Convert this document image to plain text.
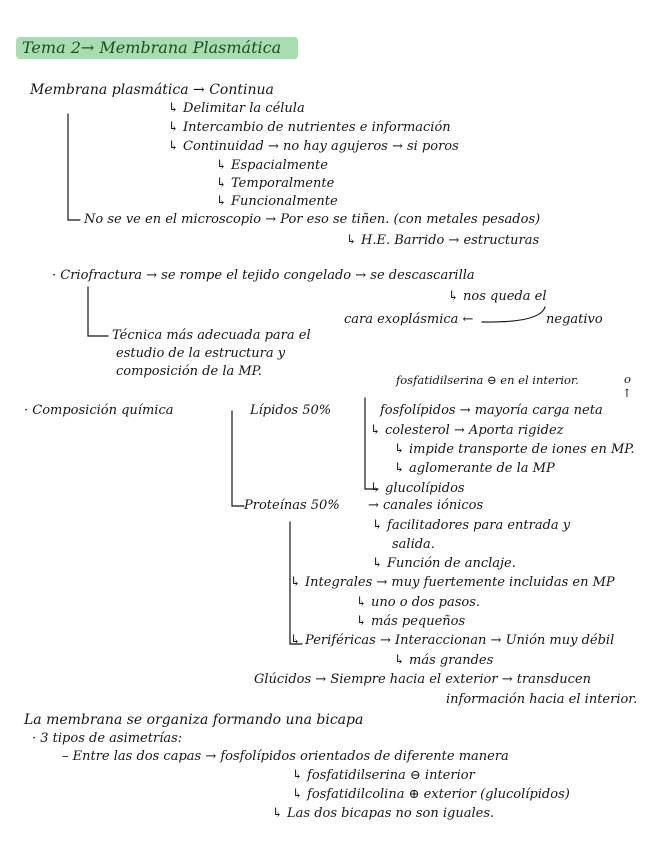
Tema 2→ Membrana Plasmática
Membrana plasmática → Continua
↳ Delimitar la célula
↳ Intercambio de nutrientes e información
↳ Continuidad → no hay agujeros → si poros
↳ Espacialmente
↳ Temporalmente
↳ Funcionalmente
No se ve en el microscopio → Por eso se tiñen. (con metales pesados)
↳ H.E. Barrido → estructuras
· Criofractura → se rompe el tejido congelado → se descascarilla
↳ nos queda el
cara exoplásmica ←	negativo
Técnica más adecuada para el
estudio de la estructura y
composición de la MP.
fosfatidilserina ⊖ en el interior.	o
↑
· Composición química	Lípidos 50%	fosfolípidos → mayoría carga neta
↳ colesterol → Aporta rigidez
↳ impide transporte de iones en MP.
↳ aglomerante de la MP
↳ glucolípidos
Proteínas 50% → canales iónicos
↳ facilitadores para entrada y
salida.
↳ Función de anclaje.
↳ Integrales → muy fuertemente incluidas en MP
↳ uno o dos pasos.
↳ más pequeños
↳ Periféricas → Interaccionan → Unión muy débil
↳ más grandes
Glúcidos → Siempre hacia el exterior → transducen
información hacia el interior.
La membrana se organiza formando una bicapa
· 3 tipos de asimetrías:
– Entre las dos capas → fosfolípidos orientados de diferente manera
↳ fosfatidilserina ⊖ interior
↳ fosfatidilcolina ⊕ exterior (glucolípidos)
↳ Las dos bicapas no son iguales.
